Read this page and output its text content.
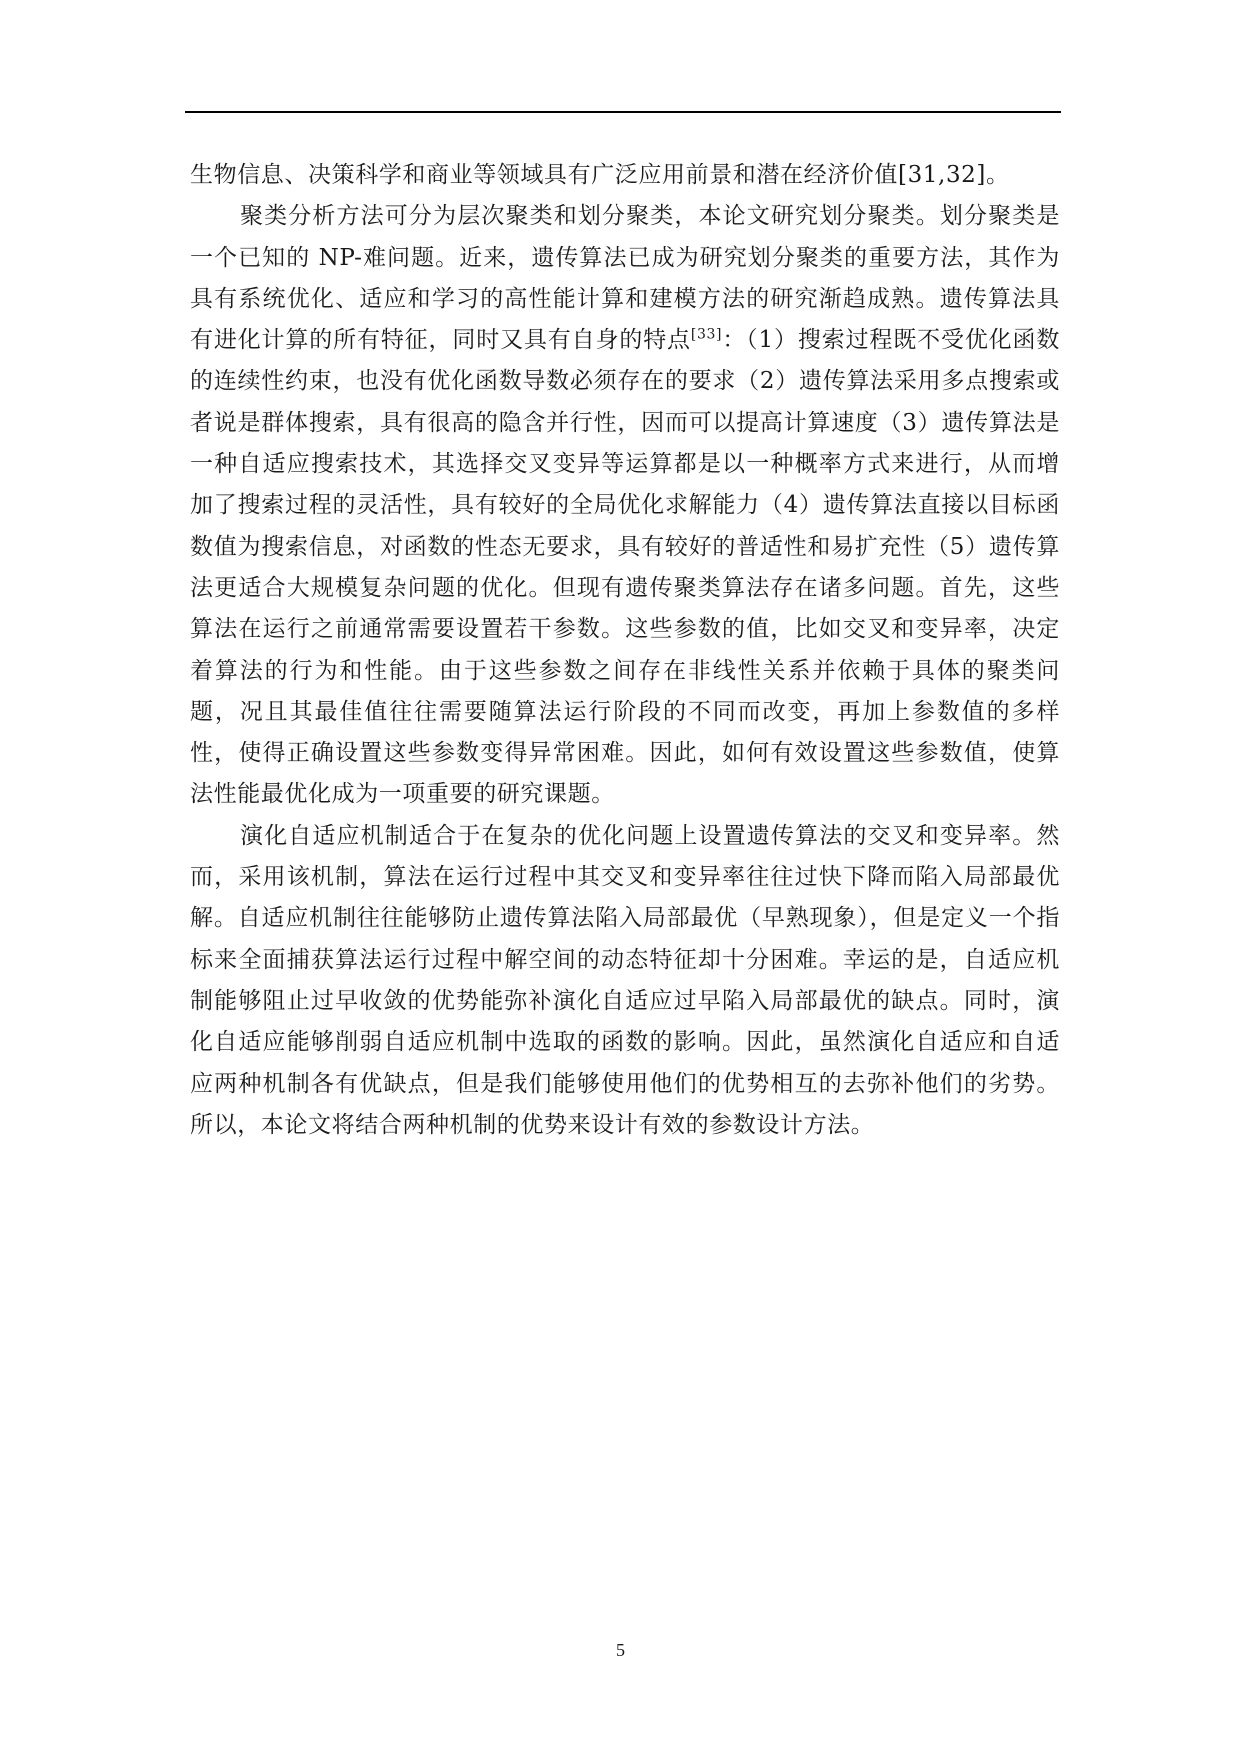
生物信息、决策科学和商业等领域具有广泛应用前景和潜在经济价值[31,32]。

聚类分析方法可分为层次聚类和划分聚类，本论文研究划分聚类。划分聚类是一个已知的 NP-难问题。近来，遗传算法已成为研究划分聚类的重要方法，其作为具有系统优化、适应和学习的高性能计算和建模方法的研究渐趋成熟。遗传算法具有进化计算的所有特征，同时又具有自身的特点[33]：（1）搜索过程既不受优化函数的连续性约束，也没有优化函数导数必须存在的要求（2）遗传算法采用多点搜索或者说是群体搜索，具有很高的隐含并行性，因而可以提高计算速度（3）遗传算法是一种自适应搜索技术，其选择交叉变异等运算都是以一种概率方式来进行，从而增加了搜索过程的灵活性，具有较好的全局优化求解能力（4）遗传算法直接以目标函数值为搜索信息，对函数的性态无要求，具有较好的普适性和易扩充性（5）遗传算法更适合大规模复杂问题的优化。但现有遗传聚类算法存在诸多问题。首先，这些算法在运行之前通常需要设置若干参数。这些参数的值，比如交叉和变异率，决定着算法的行为和性能。由于这些参数之间存在非线性关系并依赖于具体的聚类问题，况且其最佳值往往需要随算法运行阶段的不同而改变，再加上参数值的多样性，使得正确设置这些参数变得异常困难。因此，如何有效设置这些参数值，使算法性能最优化成为一项重要的研究课题。

演化自适应机制适合于在复杂的优化问题上设置遗传算法的交叉和变异率。然而，采用该机制，算法在运行过程中其交叉和变异率往往过快下降而陷入局部最优解。自适应机制往往能够防止遗传算法陷入局部最优（早熟现象），但是定义一个指标来全面捕获算法运行过程中解空间的动态特征却十分困难。幸运的是，自适应机制能够阻止过早收敛的优势能弥补演化自适应过早陷入局部最优的缺点。同时，演化自适应能够削弱自适应机制中选取的函数的影响。因此，虽然演化自适应和自适应两种机制各有优缺点，但是我们能够使用他们的优势相互的去弥补他们的劣势。所以，本论文将结合两种机制的优势来设计有效的参数设计方法。

5
